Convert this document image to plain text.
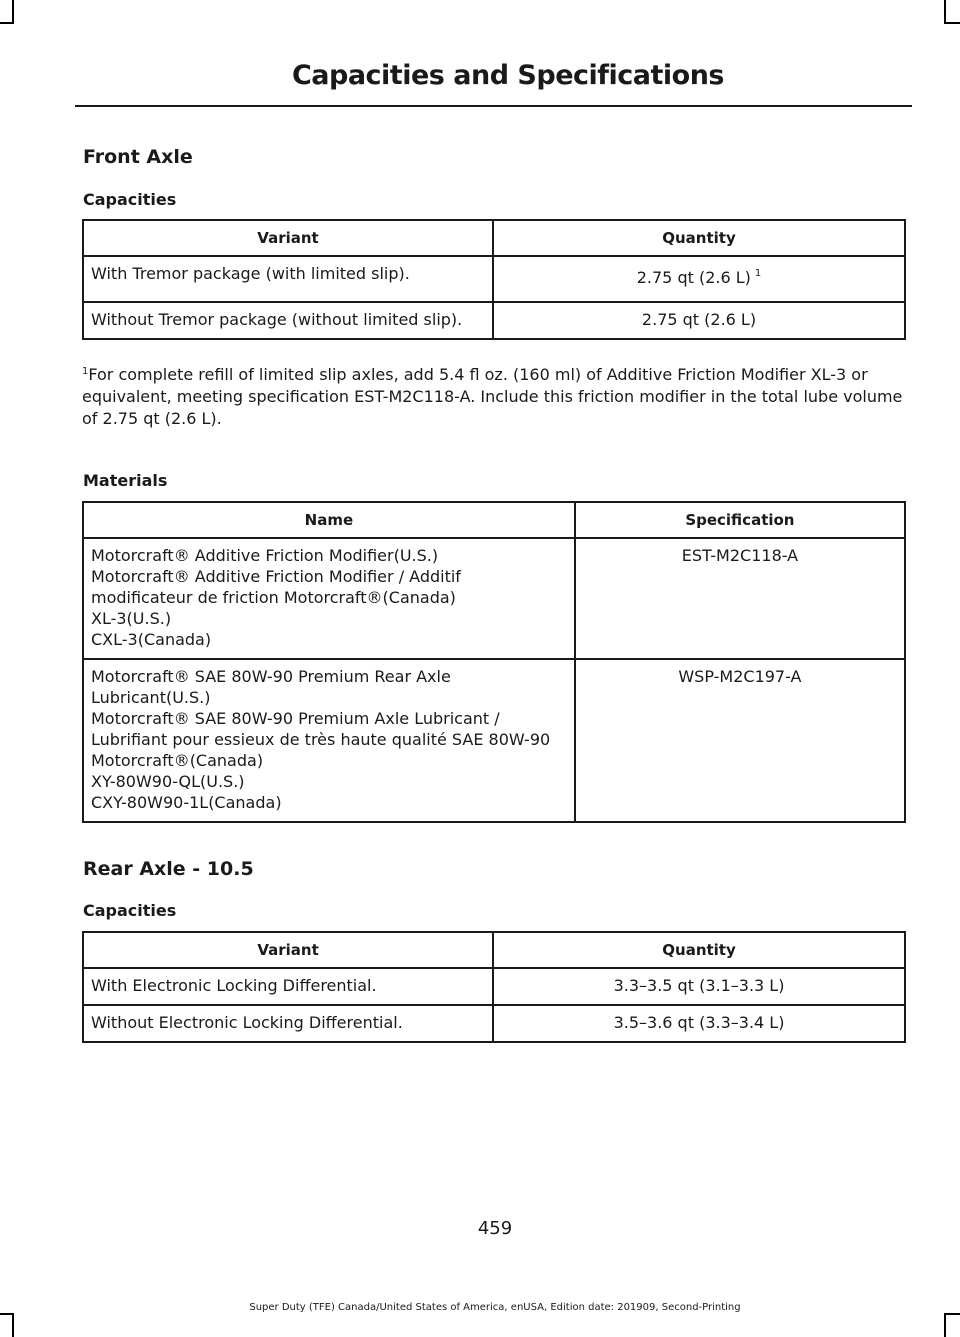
Capacities and Specifications
Front Axle
Capacities
Variant	Quantity
With Tremor package (with limited slip).	2.75 qt (2.6 L) $^1$
Without Tremor package (without limited slip).	2.75 qt (2.6 L)
$^1$For complete refill of limited slip axles, add 5.4 fl oz. (160 ml) of Additive Friction Modifier XL-3 or equivalent, meeting specification EST-M2C118-A. Include this friction modifier in the total lube volume of 2.75 qt (2.6 L).
Materials
Name	Specification

Motorcraft® Additive Friction Modifier(U.S.)
Motorcraft® Additive Friction Modifier / Additif modificateur de friction Motorcraft®(Canada)
XL-3(U.S.)
CXL-3(Canada)	EST-M2C118-A

Motorcraft® SAE 80W-90 Premium Rear Axle Lubricant(U.S.)
Motorcraft® SAE 80W-90 Premium Axle Lubricant / Lubrifiant pour essieux de très haute qualité SAE 80W-90 Motorcraft®(Canada)
XY-80W90-QL(U.S.)
CXY-80W90-1L(Canada)	WSP-M2C197-A
Rear Axle - 10.5
Capacities
Variant	Quantity
With Electronic Locking Differential.	3.3–3.5 qt (3.1–3.3 L)
Without Electronic Locking Differential.	3.5–3.6 qt (3.3–3.4 L)
459
Super Duty (TFE) Canada/United States of America, enUSA, Edition date: 201909, Second-Printing
